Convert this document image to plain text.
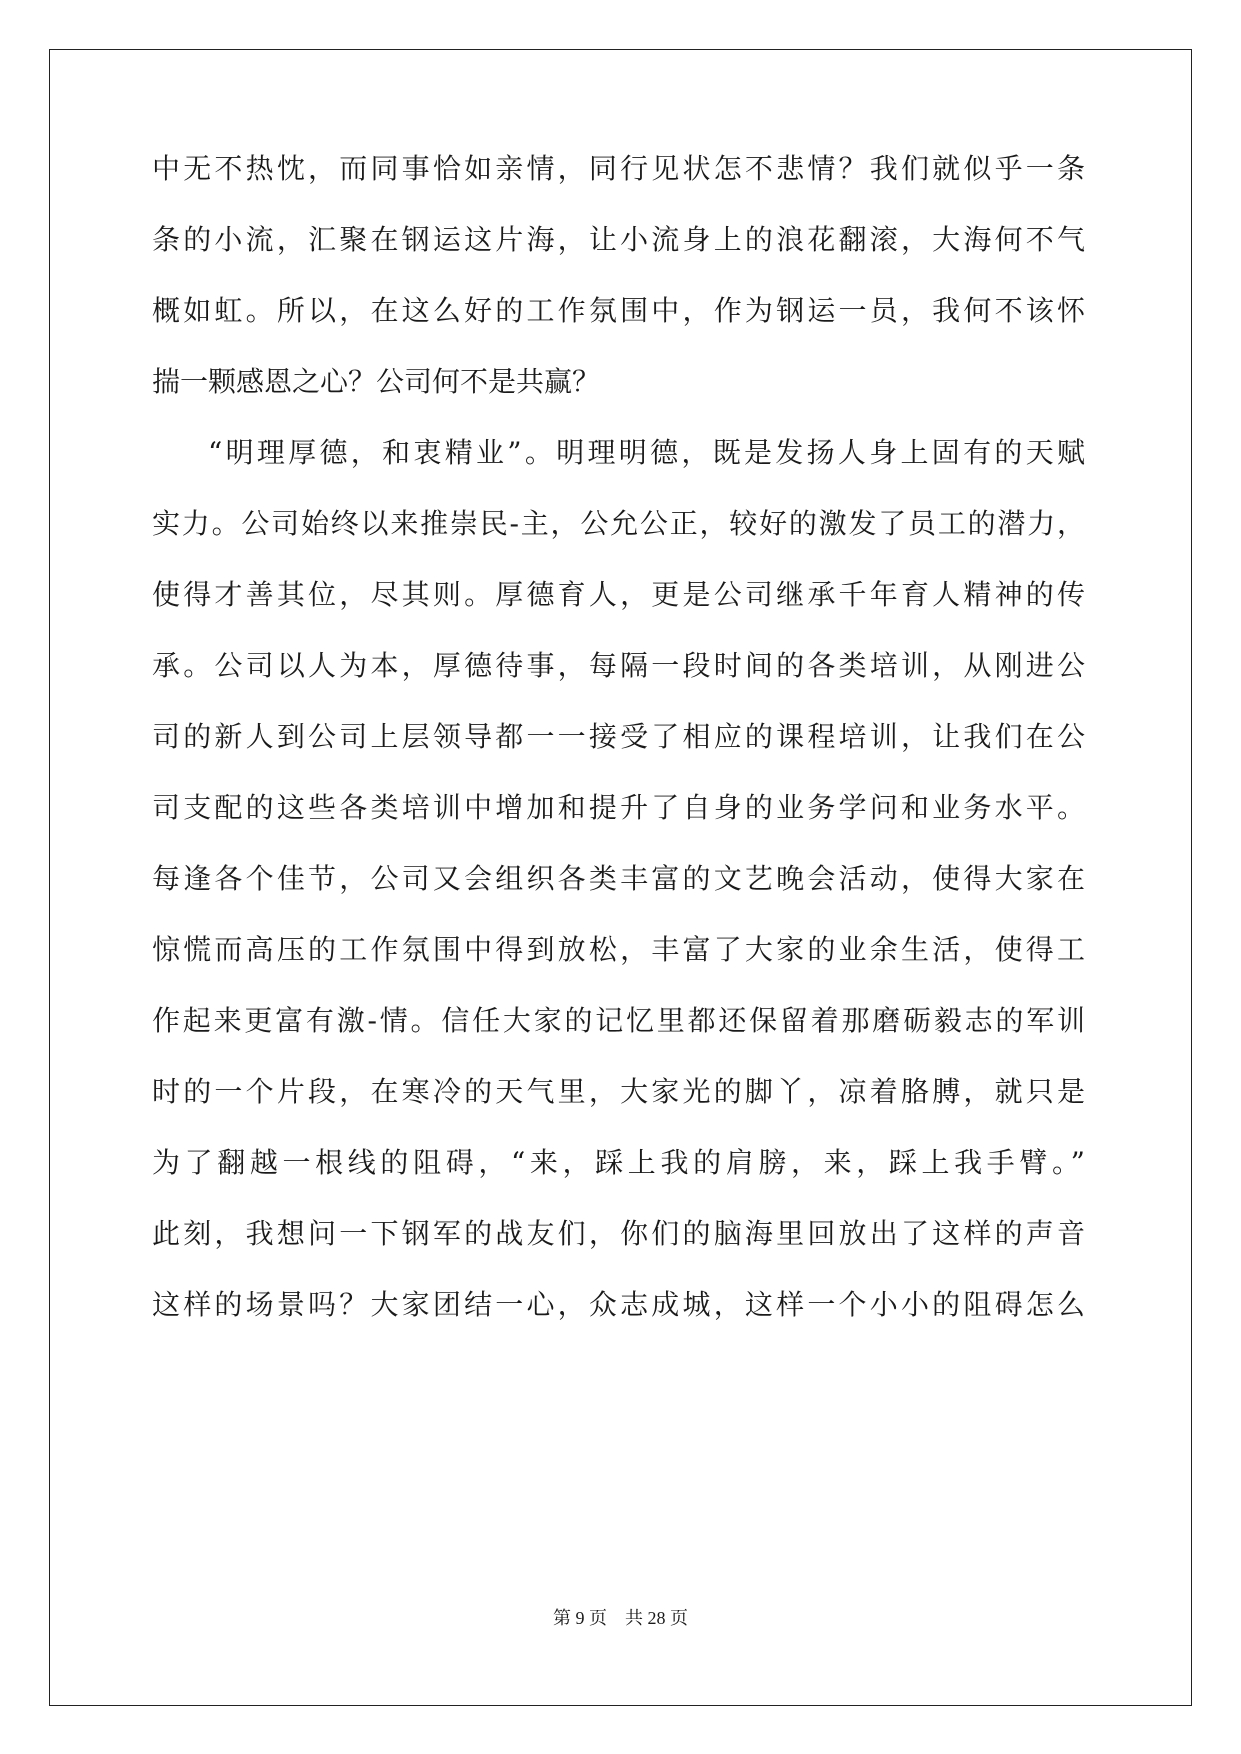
中无不热忱，而同事恰如亲情，同行见状怎不悲情？我们就似乎一条
条的小流，汇聚在钢运这片海，让小流身上的浪花翻滚，大海何不气
概如虹。所以，在这么好的工作氛围中，作为钢运一员，我何不该怀
揣一颗感恩之心？公司何不是共赢？
“明理厚德，和衷精业”。明理明德，既是发扬人身上固有的天赋
实力。公司始终以来推崇民-主，公允公正，较好的激发了员工的潜力，
使得才善其位，尽其则。厚德育人，更是公司继承千年育人精神的传
承。公司以人为本，厚德待事，每隔一段时间的各类培训，从刚进公
司的新人到公司上层领导都一一接受了相应的课程培训，让我们在公
司支配的这些各类培训中增加和提升了自身的业务学问和业务水平。
每逢各个佳节，公司又会组织各类丰富的文艺晚会活动，使得大家在
惊慌而高压的工作氛围中得到放松，丰富了大家的业余生活，使得工
作起来更富有激-情。信任大家的记忆里都还保留着那磨砺毅志的军训
时的一个片段，在寒冷的天气里，大家光的脚丫，凉着胳膊，就只是
为了翻越一根线的阻碍，“来，踩上我的肩膀，来，踩上我手臂。”
此刻，我想问一下钢军的战友们，你们的脑海里回放出了这样的声音
这样的场景吗？大家团结一心，众志成城，这样一个小小的阻碍怎么
第 9 页 共 28 页
